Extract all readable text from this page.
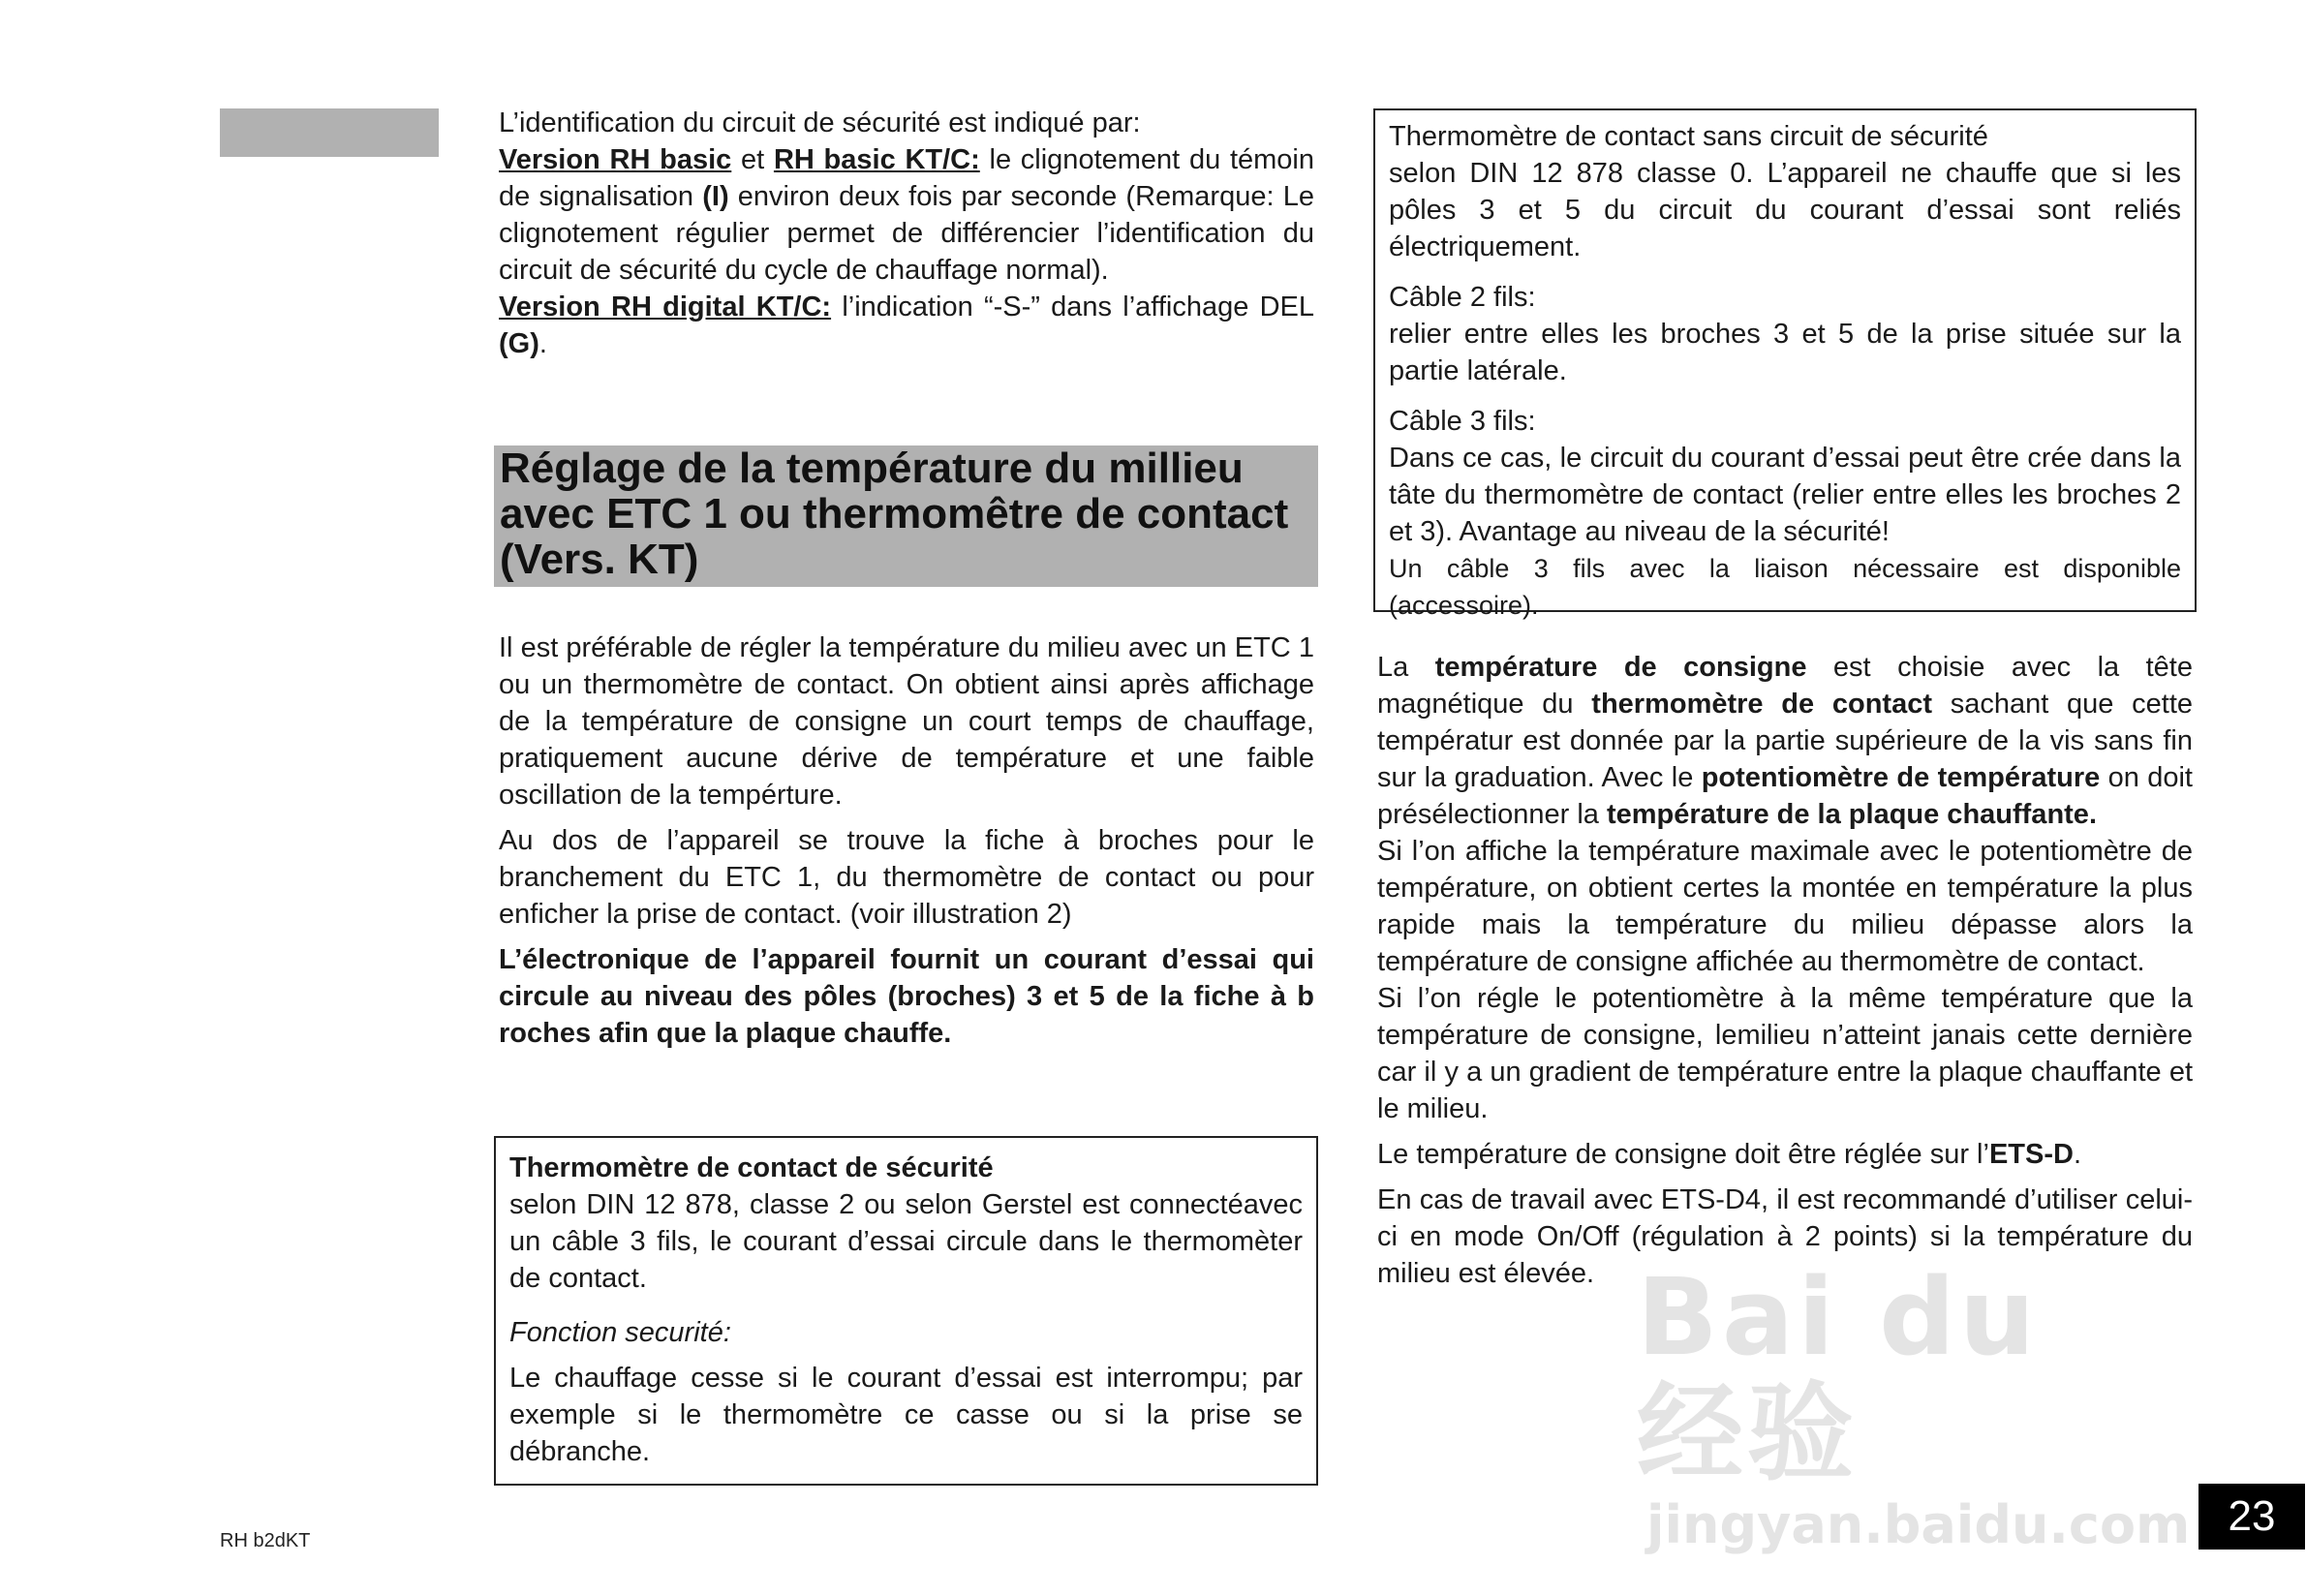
L’identification du circuit de sécurité est indiqué par:

Version RH basic et RH basic KT/C: le clignotement du témoin de signalisation (I) environ deux fois par seconde (Remarque: Le clignotement régulier permet de différencier l’identification du circuit de sécurité du cycle de chauffage normal).

Version RH digital KT/C: l’indication “-S-” dans l’affichage DEL (G).

Réglage de la température du millieu avec ETC 1 ou thermomêtre de contact (Vers. KT)

Il est préférable de régler la température du milieu avec un ETC 1 ou un thermomètre de contact. On obtient ainsi après affichage de la température de consigne un court temps de chauffage, pratiquement aucune dérive de température et une faible oscillation de la tempérture.

Au dos de l’appareil se trouve la fiche à broches pour le branchement du ETC 1, du thermomètre de contact ou pour enficher la prise de contact. (voir illustration 2)

L’électronique de l’appareil fournit un courant d’essai qui circule au niveau des pôles (broches) 3 et 5 de la fiche à b roches afin que la plaque chauffe.

Thermomètre de contact de sécurité

selon DIN 12 878, classe 2 ou selon Gerstel est connectéavec un câble 3 fils, le courant d’essai circule dans le thermomèter de contact.

Fonction securité:

Le chauffage cesse si le courant d’essai est interrompu; par exemple si le thermomètre ce casse ou si la prise se débranche.

Thermomètre de contact sans circuit de sécurité

selon DIN 12 878 classe 0. L’appareil ne chauffe que si les pôles 3 et 5 du circuit du courant d’essai sont reliés électriquement.

Câble 2 fils:

relier entre elles les broches 3 et 5 de la prise située sur la partie latérale.

Câble 3 fils:

Dans ce cas, le circuit du courant d’essai peut être crée dans la tâte du thermomètre de contact (relier entre elles les broches 2 et 3). Avantage au niveau de la sécurité!

Un câble 3 fils avec la liaison nécessaire est disponible (accessoire).

La température de consigne est choisie avec la tête magnétique du thermomètre de contact sachant que cette températur est donnée par la partie supérieure de la vis sans fin sur la graduation. Avec le potentiomètre de température on doit présélectionner la température de la plaque chauffante.

Si l’on affiche la température maximale avec le potentiomètre de température, on obtient certes la montée en température la plus rapide mais la température du milieu dépasse alors la température de consigne affichée au thermomètre de contact.

Si l’on régle le potentiomètre à la même température que la température de consigne, lemilieu n’atteint janais cette dernière car il y a un gradient de température entre la plaque chauffante et le milieu.

Le température de consigne doit être réglée sur l’ETS-D.

En cas de travail avec ETS-D4, il est recommandé d’utiliser celui-ci en mode On/Off (régulation à 2 points) si la température du milieu est élevée. Bai du 经验
jingyan.baidu.com
RH b2dKT
23
